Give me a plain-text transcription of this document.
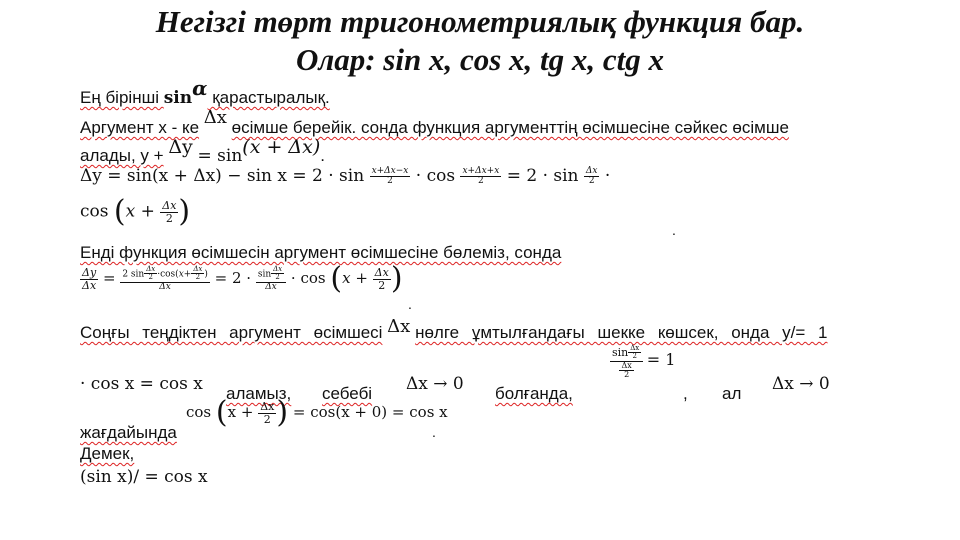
Негізгі төрт тригонометриялық функция бар.
Олар: sin x, cos x, tg x, ctg x
Ең бірінші sinα қарастыралық.
Аргумент х - ке Δx өсімше берейік. сонда функция аргументтің өсімшесіне сәйкес өсімше
алады, у + Δy = sin(x + Δx).
$\Delta y = \sin(x + \Delta x) - \sin x = 2 \cdot \sin \frac{x+\Delta x-x}{2} \cdot \cos \frac{x+\Delta x+x}{2} = 2 \cdot \sin \frac{\Delta x}{2}$ ·
$\cos (x + \frac{\Delta x}{2}$ )
.
Енді функция өсімшесін аргумент өсімшесіне бөлеміз, сонда
$\frac{\Delta y}{\Delta x} = \frac{2 \sin \frac{\Delta x}{2} \cdot\cos(x+ \frac{\Delta x}{2} )}{\Delta x} = 2 \cdot \frac{\sin \frac{\Delta x}{2}}{\Delta x} \cdot \cos (x + \frac{\Delta x}{2}$ )
.
Соңғы теңдіктен аргумент өсімшесі Δx нөлге ұмтылғандағы шекке көшсек, онда у/= 1
$\frac{\sin \frac{\Delta x}{2}}{\frac{\Delta x}{2}} = 1$
· cos x = cos x аламыз, себебі Δx → 0 болғанда,	, ал Δx → 0
$\cos (x + \frac{\Delta x}{2}$ ) = cos(x + 0) = cos x
жағдайында	.
Демек,
(sin x)/ = cos x
